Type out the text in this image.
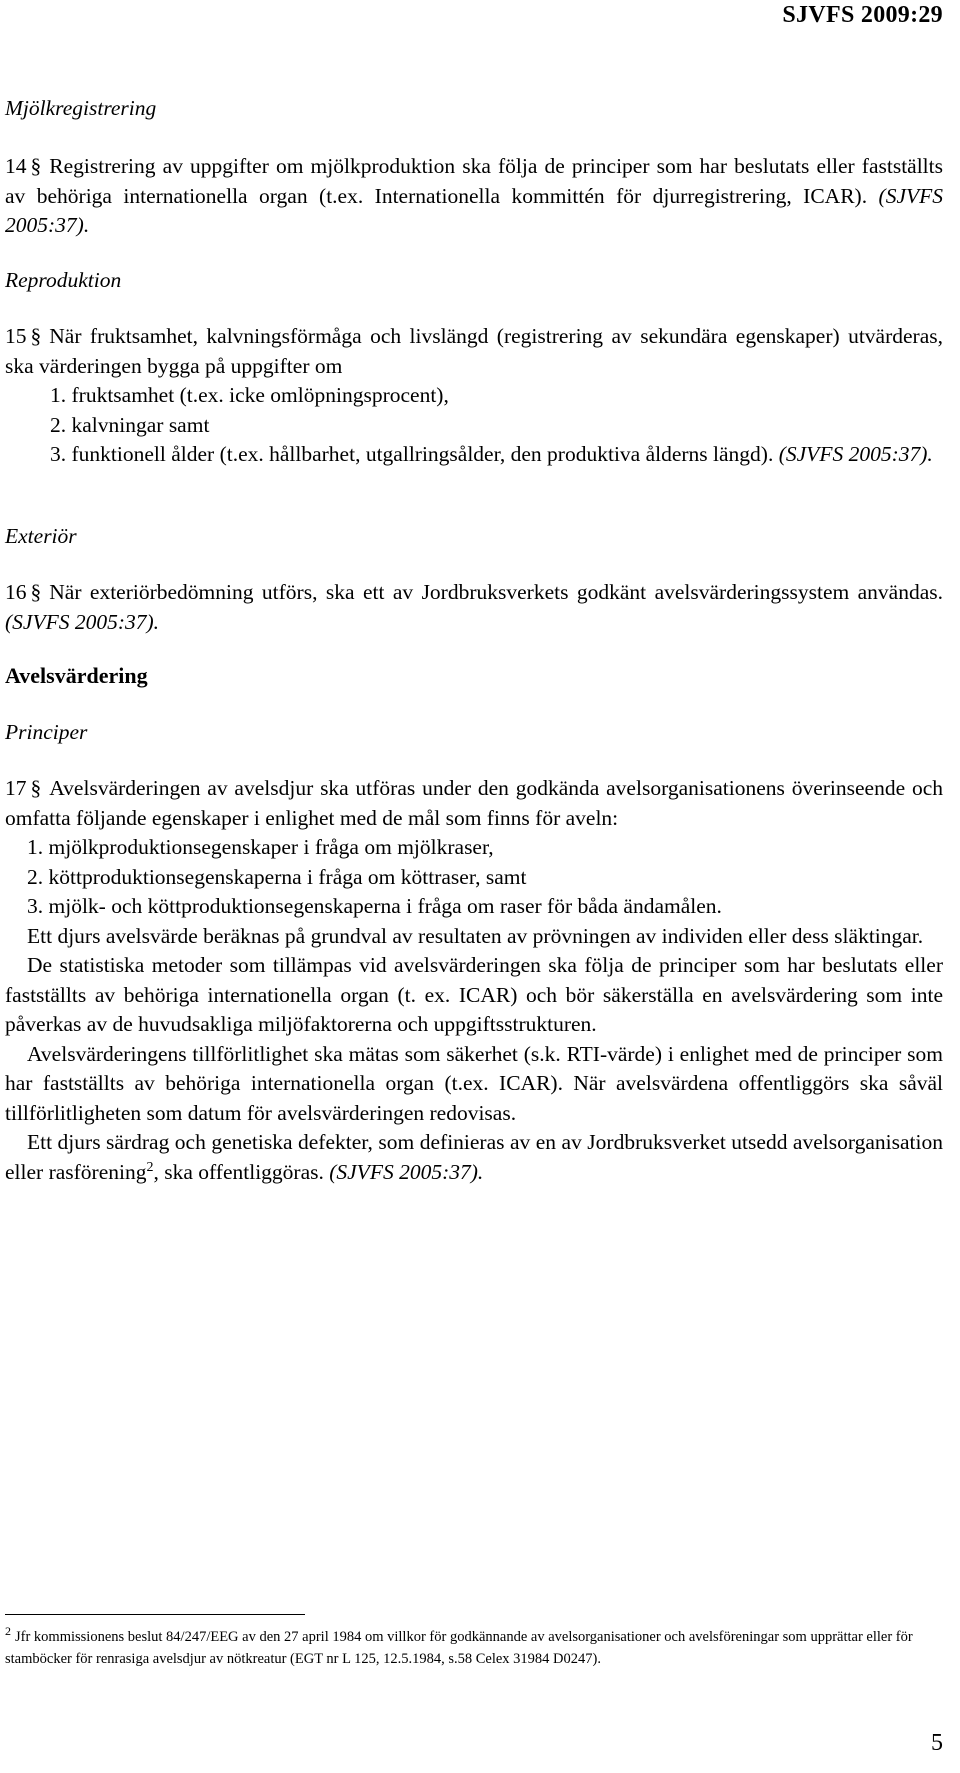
SJVFS 2009:29
Mjölkregistrering

14 § Registrering av uppgifter om mjölkproduktion ska följa de principer som har beslutats eller fastställts av behöriga internationella organ (t.ex. Internationella kommittén för djurregistrering, ICAR). (SJVFS 2005:37).

Reproduktion
15 § När fruktsamhet, kalvningsförmåga och livslängd (registrering av sekundära egenskaper) utvärderas, ska värderingen bygga på uppgifter om
1. fruktsamhet (t.ex. icke omlöpningsprocent),
2. kalvningar samt
3. funktionell ålder (t.ex. hållbarhet, utgallringsålder, den produktiva ålderns längd). (SJVFS 2005:37).
Exteriör

16 § När exteriörbedömning utförs, ska ett av Jordbruksverkets godkänt avelsvärderingssystem användas. (SJVFS 2005:37).

Avelsvärdering
Principer
17 § Avelsvärderingen av avelsdjur ska utföras under den godkända avelsorganisationens överinseende och omfatta följande egenskaper i enlighet med de mål som finns för aveln:
1. mjölkproduktionsegenskaper i fråga om mjölkraser,
2. köttproduktionsegenskaperna i fråga om köttraser, samt
3. mjölk- och köttproduktionsegenskaperna i fråga om raser för båda ändamålen.
Ett djurs avelsvärde beräknas på grundval av resultaten av prövningen av individen eller dess släktingar.
De statistiska metoder som tillämpas vid avelsvärderingen ska följa de principer som har beslutats eller fastställts av behöriga internationella organ (t. ex. ICAR) och bör säkerställa en avelsvärdering som inte påverkas av de huvudsakliga miljöfaktorerna och uppgiftsstrukturen.
Avelsvärderingens tillförlitlighet ska mätas som säkerhet (s.k. RTI-värde) i enlighet med de principer som har fastställts av behöriga internationella organ (t.ex. ICAR). När avelsvärdena offentliggörs ska såväl tillförlitligheten som datum för avelsvärderingen redovisas.
Ett djurs särdrag och genetiska defekter, som definieras av en av Jordbruksverket utsedd avelsorganisation eller rasförening$^2$, ska offentliggöras. (SJVFS 2005:37).
$^2$ Jfr kommissionens beslut 84/247/EEG av den 27 april 1984 om villkor för godkännande av avelsorganisationer och avelsföreningar som upprättar eller för stamböcker för renrasiga avelsdjur av nötkreatur (EGT nr L 125, 12.5.1984, s.58 Celex 31984 D0247).
5
